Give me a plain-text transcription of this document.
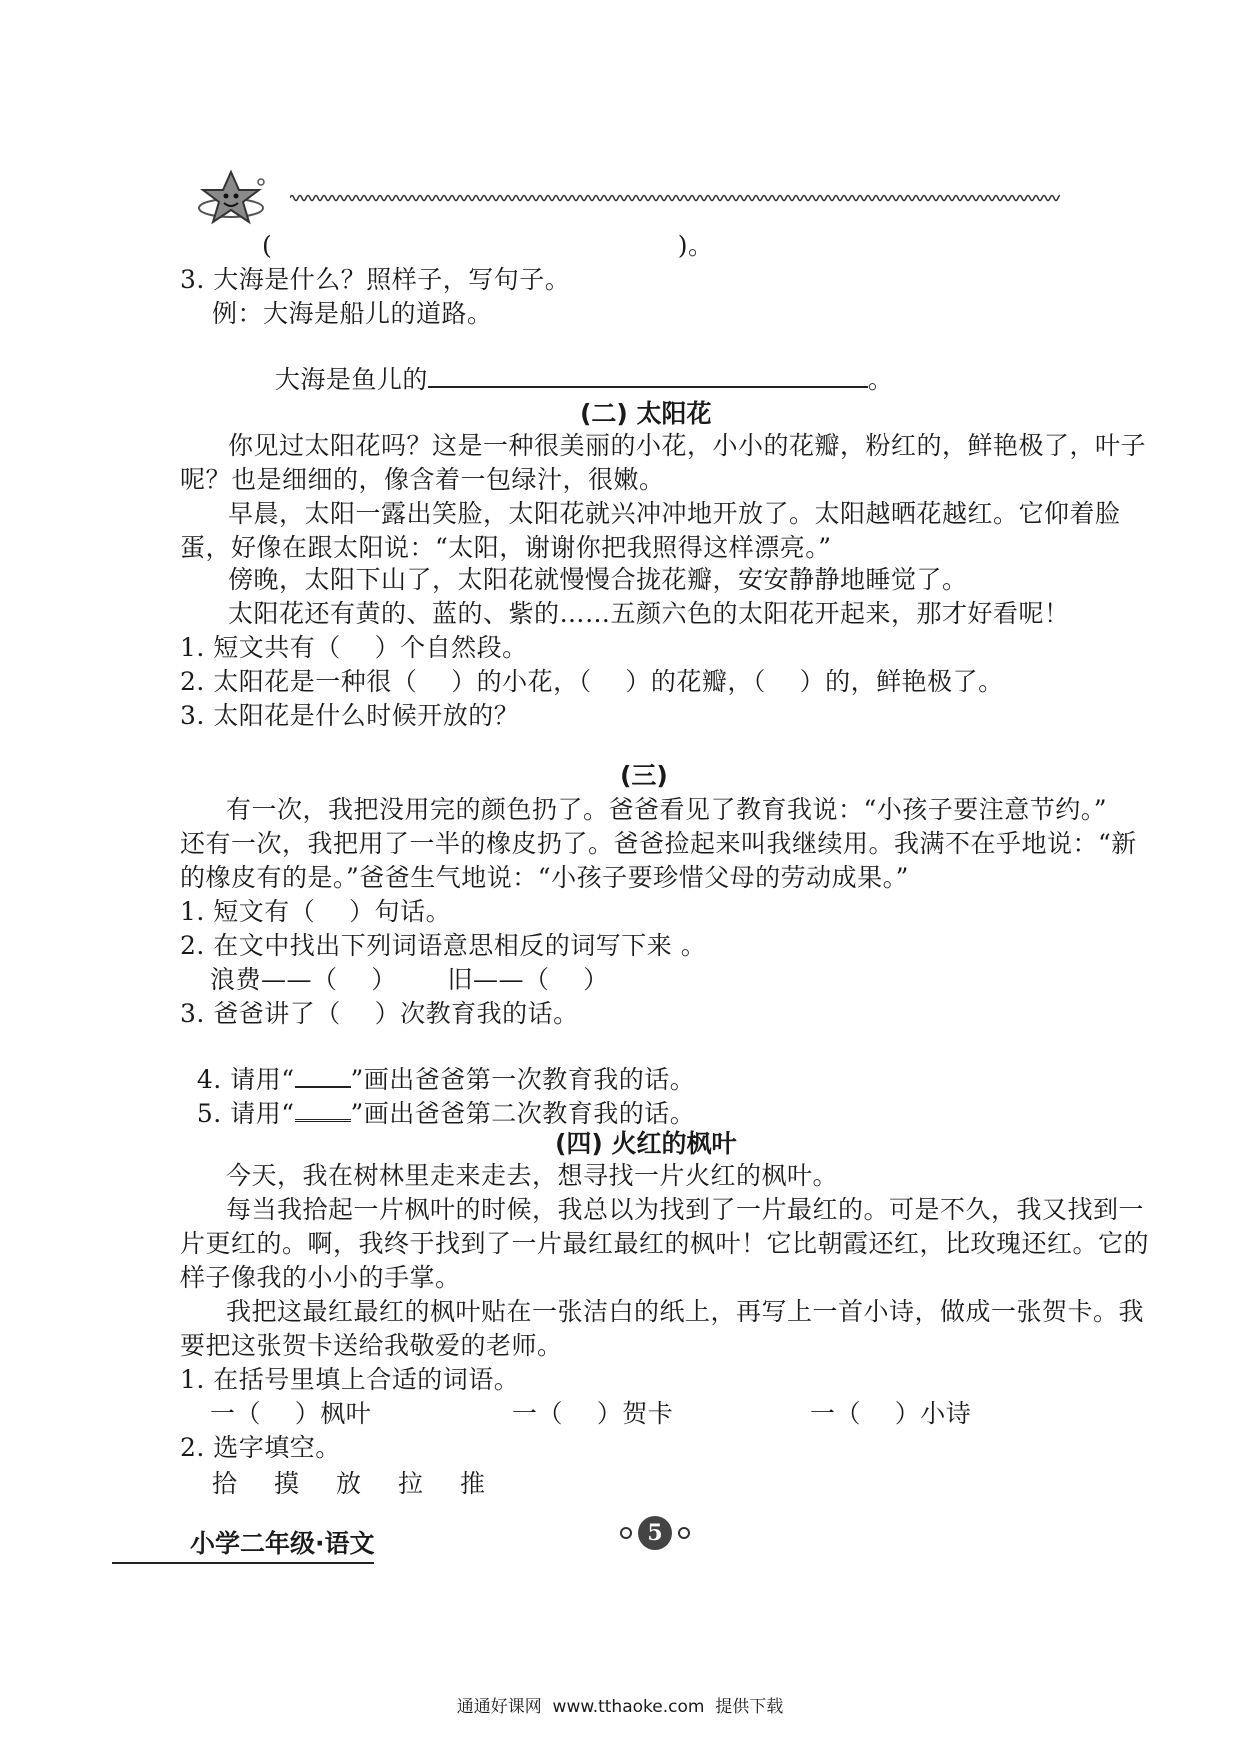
(                                                )。
3. 大海是什么？照样子，写句子。
例：大海是船儿的道路。

大海是鱼儿的	。

(二) 太阳花
你见过太阳花吗？这是一种很美丽的小花，小小的花瓣，粉红的，鲜艳极了，叶子
呢？也是细细的，像含着一包绿汁，很嫩。
早晨，太阳一露出笑脸，太阳花就兴冲冲地开放了。太阳越晒花越红。它仰着脸
蛋，好像在跟太阳说：“太阳，谢谢你把我照得这样漂亮。”
傍晚，太阳下山了，太阳花就慢慢合拢花瓣，安安静静地睡觉了。
太阳花还有黄的、蓝的、紫的……五颜六色的太阳花开起来，那才好看呢！
1. 短文共有（    ）个自然段。
2. 太阳花是一种很（    ）的小花，（    ）的花瓣，（    ）的，鲜艳极了。
3. 太阳花是什么时候开放的？
(三)
有一次，我把没用完的颜色扔了。爸爸看见了教育我说：“小孩子要注意节约。”
还有一次，我把用了一半的橡皮扔了。爸爸捡起来叫我继续用。我满不在乎地说：“新
的橡皮有的是。”爸爸生气地说：“小孩子要珍惜父母的劳动成果。”
1. 短文有（    ）句话。
2. 在文中找出下列词语意思相反的词写下来 。
浪费——（    ）      旧——（    ）
3. 爸爸讲了（    ）次教育我的话。

4. 请用“ ”画出爸爸第一次教育我的话。

5. 请用“ ”画出爸爸第二次教育我的话。

(四) 火红的枫叶
今天，我在树林里走来走去，想寻找一片火红的枫叶。
每当我拾起一片枫叶的时候，我总以为找到了一片最红的。可是不久，我又找到一
片更红的。啊，我终于找到了一片最红最红的枫叶！它比朝霞还红，比玫瑰还红。它的
样子像我的小小的手掌。
我把这最红最红的枫叶贴在一张洁白的纸上，再写上一首小诗，做成一张贺卡。我
要把这张贺卡送给我敬爱的老师。
1. 在括号里填上合适的词语。
一（    ）枫叶	一（    ）贺卡	一（    ）小诗
2. 选字填空。
拾 摸 放 拉 推
小学二年级·语文	5
通通好课网  www.tthaoke.com  提供下载
